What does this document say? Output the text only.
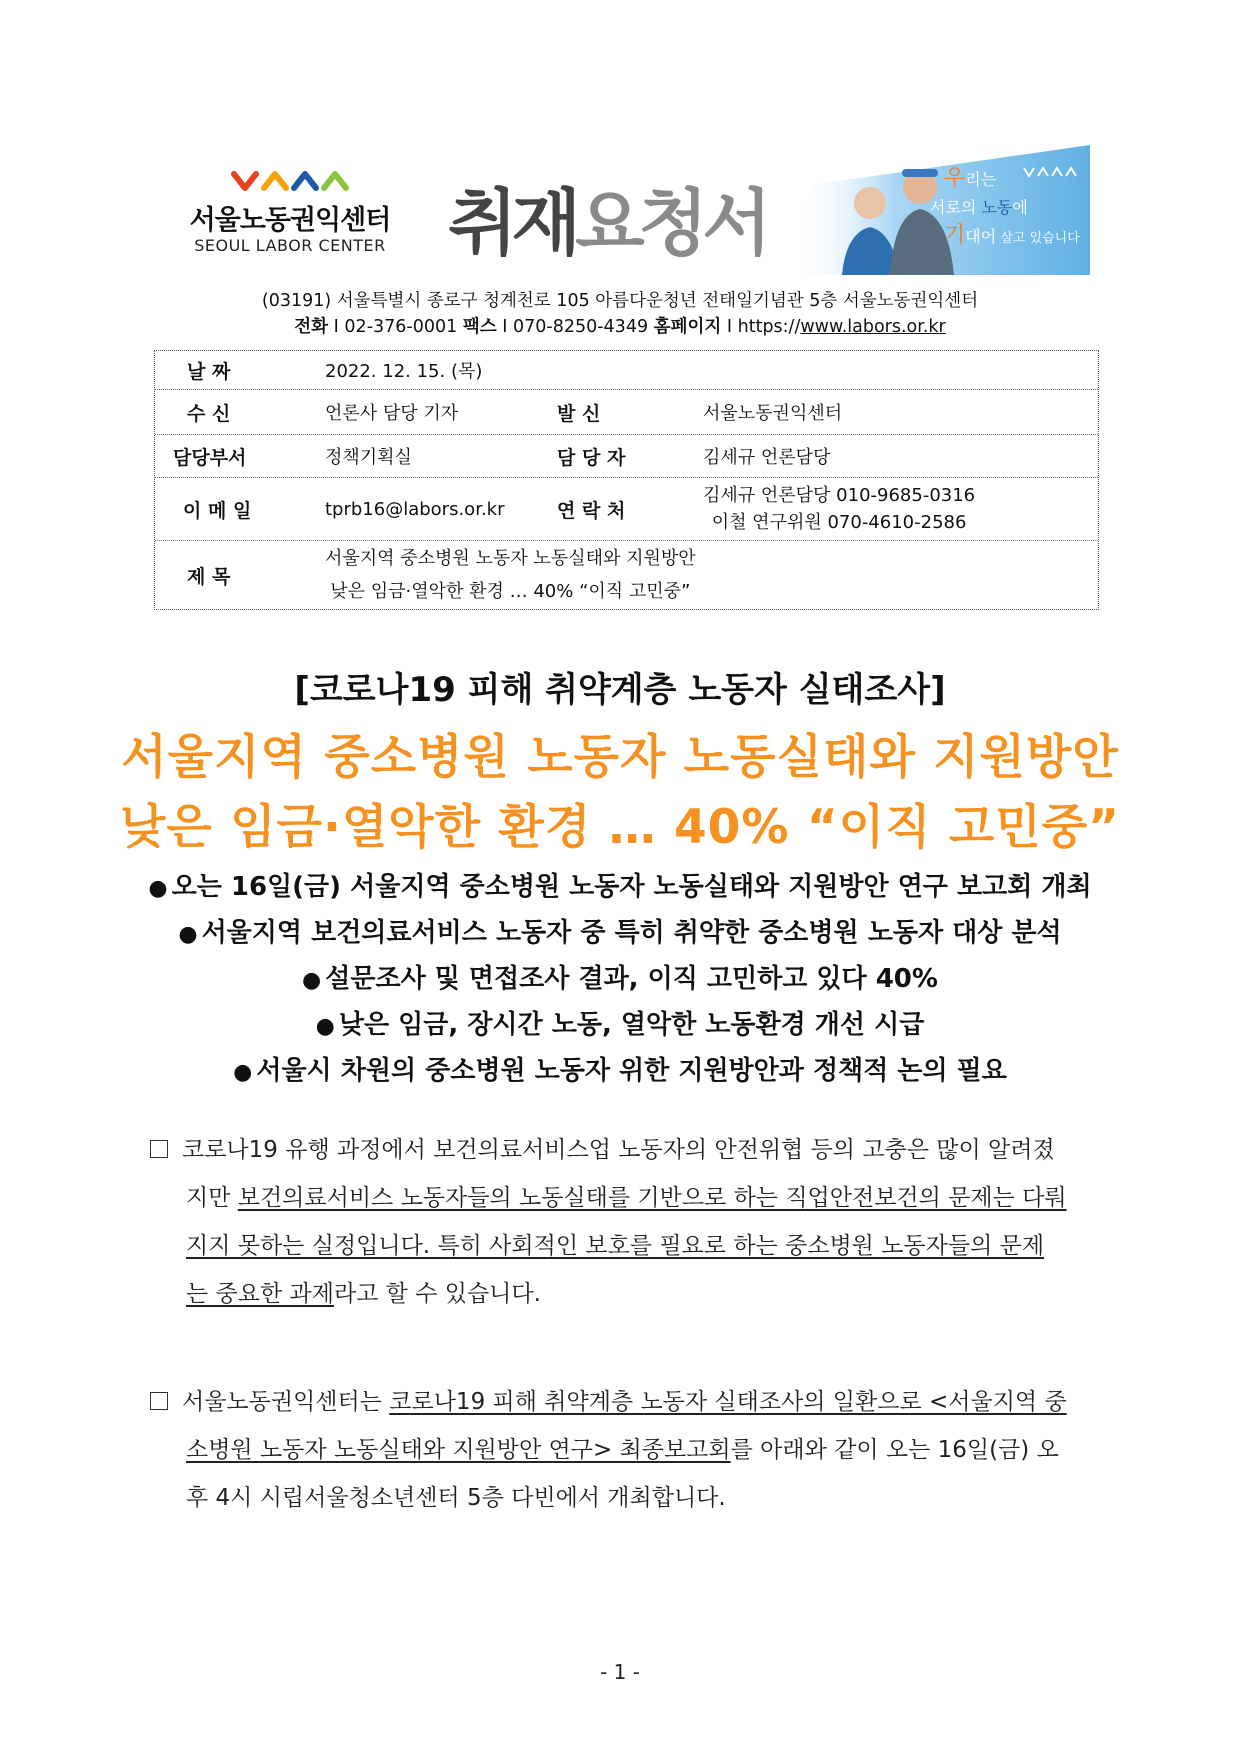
서울노동권익센터
SEOUL LABOR CENTER 취재요청서
우리는
서로의 노동에
기대어 살고 있습니다
(03191) 서울특별시 종로구 청계천로 105 아름다운청년 전태일기념관 5층 서울노동권익센터
전화 I 02-376-0001 팩스 I 070-8250-4349 홈페이지 I https://www.labors.or.kr
날 짜	2022. 12. 15. (목)
수 신	언론사 담당 기자	발 신	서울노동권익센터
담당부서	정책기획실	담 당 자	김세규 언론담당
이 메 일	tprb16@labors.or.kr	연 락 처
김세규 언론담당 010-9685-0316
이철 연구위원 070-4610-2586
제 목
서울지역 중소병원 노동자 노동실태와 지원방안
낮은 임금·열악한 환경 … 40% “이직 고민중”
[코로나19 피해 취약계층 노동자 실태조사]
서울지역 중소병원 노동자 노동실태와 지원방안
낮은 임금·열악한 환경 … 40% “이직 고민중”
● 오는 16일(금) 서울지역 중소병원 노동자 노동실태와 지원방안 연구 보고회 개최
● 서울지역 보건의료서비스 노동자 중 특히 취약한 중소병원 노동자 대상 분석
● 설문조사 및 면접조사 결과, 이직 고민하고 있다 40%
● 낮은 임금, 장시간 노동, 열악한 노동환경 개선 시급
● 서울시 차원의 중소병원 노동자 위한 지원방안과 정책적 논의 필요
코로나19 유행 과정에서 보건의료서비스업 노동자의 안전위협 등의 고충은 많이 알려졌
지만 보건의료서비스 노동자들의 노동실태를 기반으로 하는 직업안전보건의 문제는 다뤄
지지 못하는 실정입니다. 특히 사회적인 보호를 필요로 하는 중소병원 노동자들의 문제
는 중요한 과제라고 할 수 있습니다.
서울노동권익센터는 코로나19 피해 취약계층 노동자 실태조사의 일환으로 <서울지역 중
소병원 노동자 노동실태와 지원방안 연구> 최종보고회를 아래와 같이 오는 16일(금) 오
후 4시 시립서울청소년센터 5층 다빈에서 개최합니다.
- 1 -
